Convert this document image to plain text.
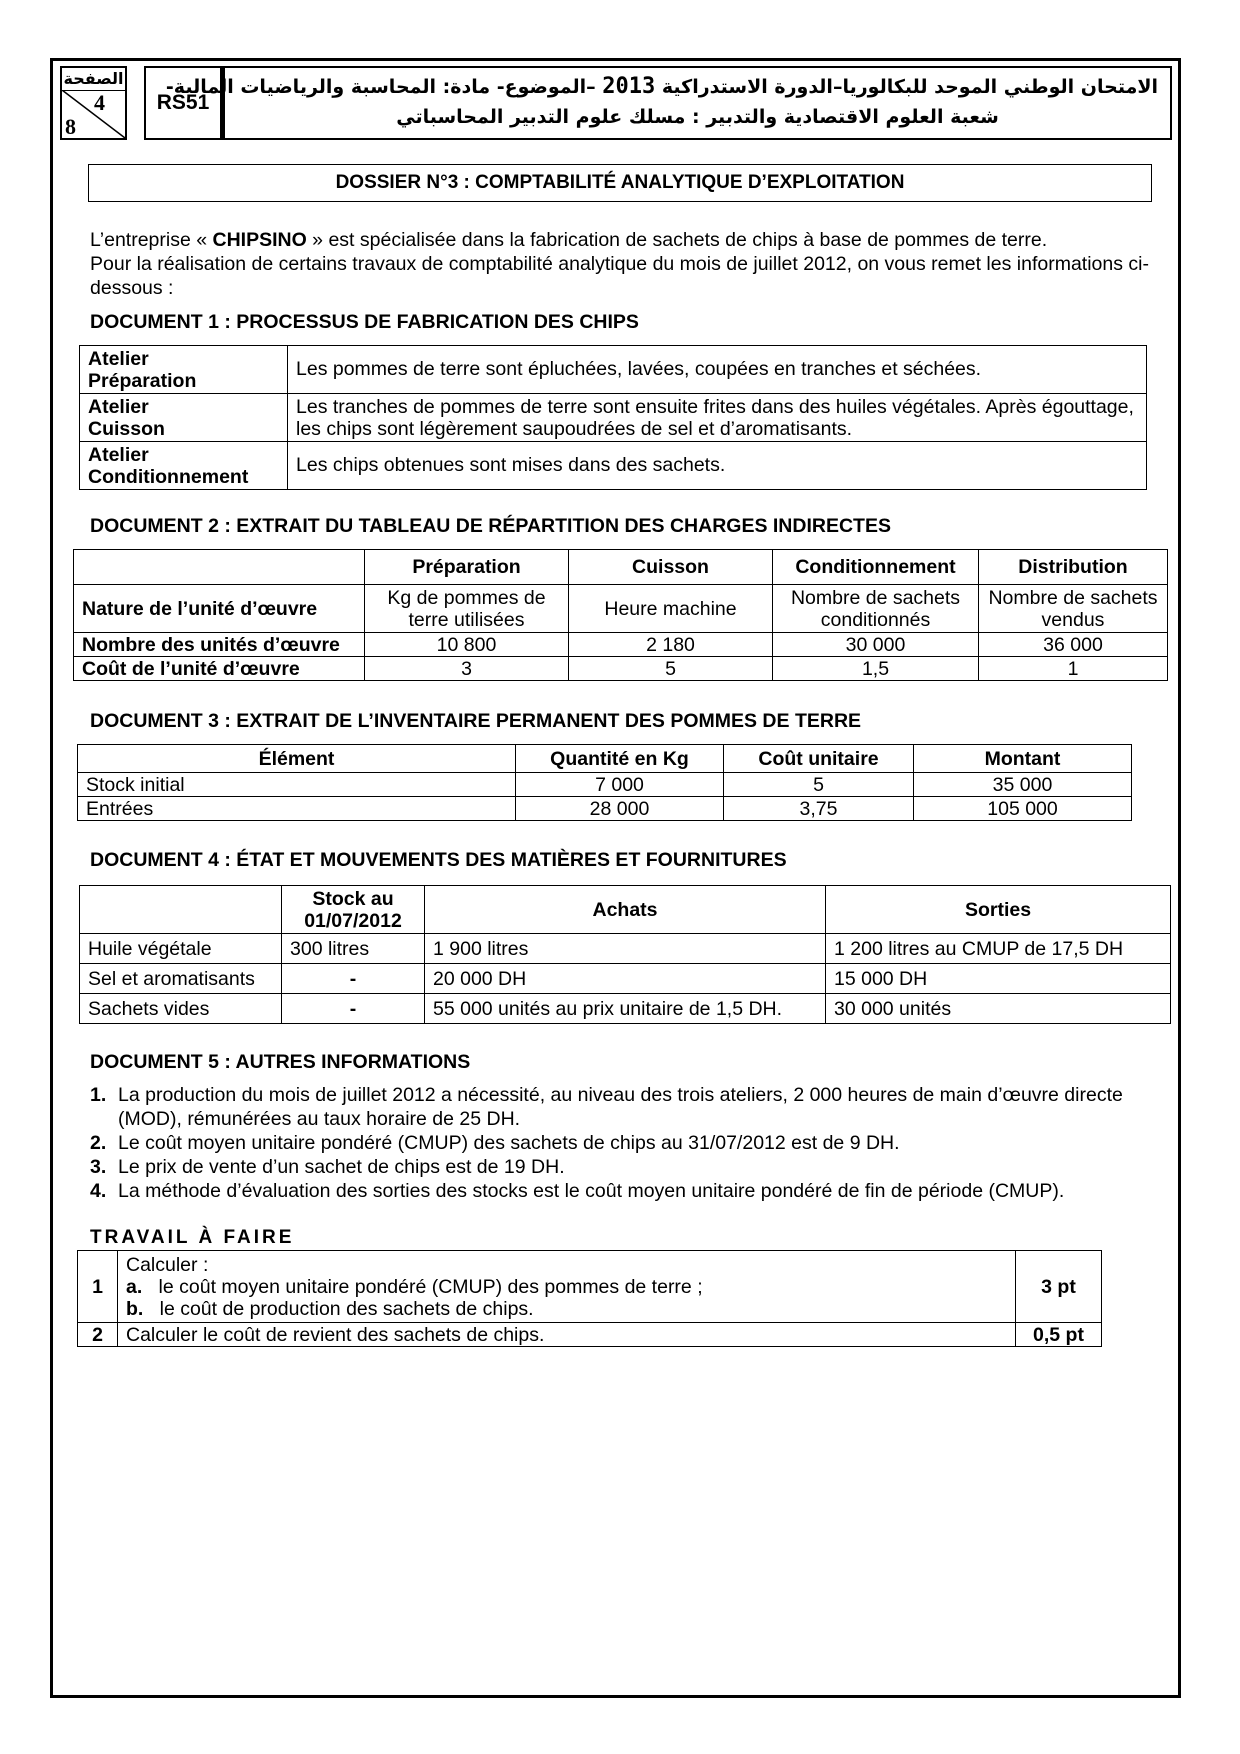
الصفحة
4
8
RS51
الامتحان الوطني الموحد للبكالوريا–الدورة الاستدراكية 2013 –الموضوع- مادة: المحاسبة والرياضيات المالية-
شعبة العلوم الاقتصادية والتدبير : مسلك علوم التدبير المحاسباتي
DOSSIER N°3 : COMPTABILITÉ ANALYTIQUE D’EXPLOITATION
L’entreprise « CHIPSINO » est spécialisée dans la fabrication de sachets de chips à base de pommes de terre.
Pour la réalisation de certains travaux de comptabilité analytique du mois de juillet 2012, on vous remet les informations ci-dessous :
DOCUMENT 1 : PROCESSUS DE FABRICATION DES CHIPS
Atelier
Préparation	Les pommes de terre sont épluchées, lavées, coupées en tranches et séchées.
Atelier
Cuisson	Les tranches de pommes de terre sont ensuite frites dans des huiles végétales. Après égouttage, les chips sont légèrement saupoudrées de sel et d’aromatisants.
Atelier
Conditionnement	Les chips obtenues sont mises dans des sachets.
DOCUMENT 2 : EXTRAIT DU TABLEAU DE RÉPARTITION DES CHARGES INDIRECTES
	Préparation	Cuisson	Conditionnement	Distribution
Nature de l’unité d’œuvre	Kg de pommes de terre utilisées	Heure machine	Nombre de sachets conditionnés	Nombre de sachets vendus
Nombre des unités d’œuvre	10 800	2 180	30 000	36 000
Coût de l’unité d’œuvre	3	5	1,5	1
DOCUMENT 3 : EXTRAIT DE L’INVENTAIRE PERMANENT DES POMMES DE TERRE
Élément	Quantité en Kg	Coût unitaire	Montant
Stock initial	7 000	5	35 000
Entrées	28 000	3,75	105 000
DOCUMENT 4 : ÉTAT ET MOUVEMENTS DES MATIÈRES ET FOURNITURES
	Stock au 01/07/2012	Achats	Sorties
Huile végétale	300 litres	1 900 litres	1 200 litres au CMUP de 17,5 DH
Sel et aromatisants	-	20 000 DH	15 000 DH
Sachets vides	-	55 000 unités au prix unitaire de 1,5 DH.	30 000 unités
DOCUMENT 5 : AUTRES INFORMATIONS
1. La production du mois de juillet 2012 a nécessité, au niveau des trois ateliers, 2 000 heures de main d’œuvre directe (MOD), rémunérées au taux horaire de 25 DH.
2. Le coût moyen unitaire pondéré (CMUP) des sachets de chips au 31/07/2012 est de 9 DH.
3. Le prix de vente d’un sachet de chips est de 19 DH.
4. La méthode d’évaluation des sorties des stocks est le coût moyen unitaire pondéré de fin de période (CMUP).
TRAVAIL À FAIRE
1	Calculer :
a. le coût moyen unitaire pondéré (CMUP) des pommes de terre ;
b. le coût de production des sachets de chips.	3 pt
2	Calculer le coût de revient des sachets de chips.	0,5 pt
